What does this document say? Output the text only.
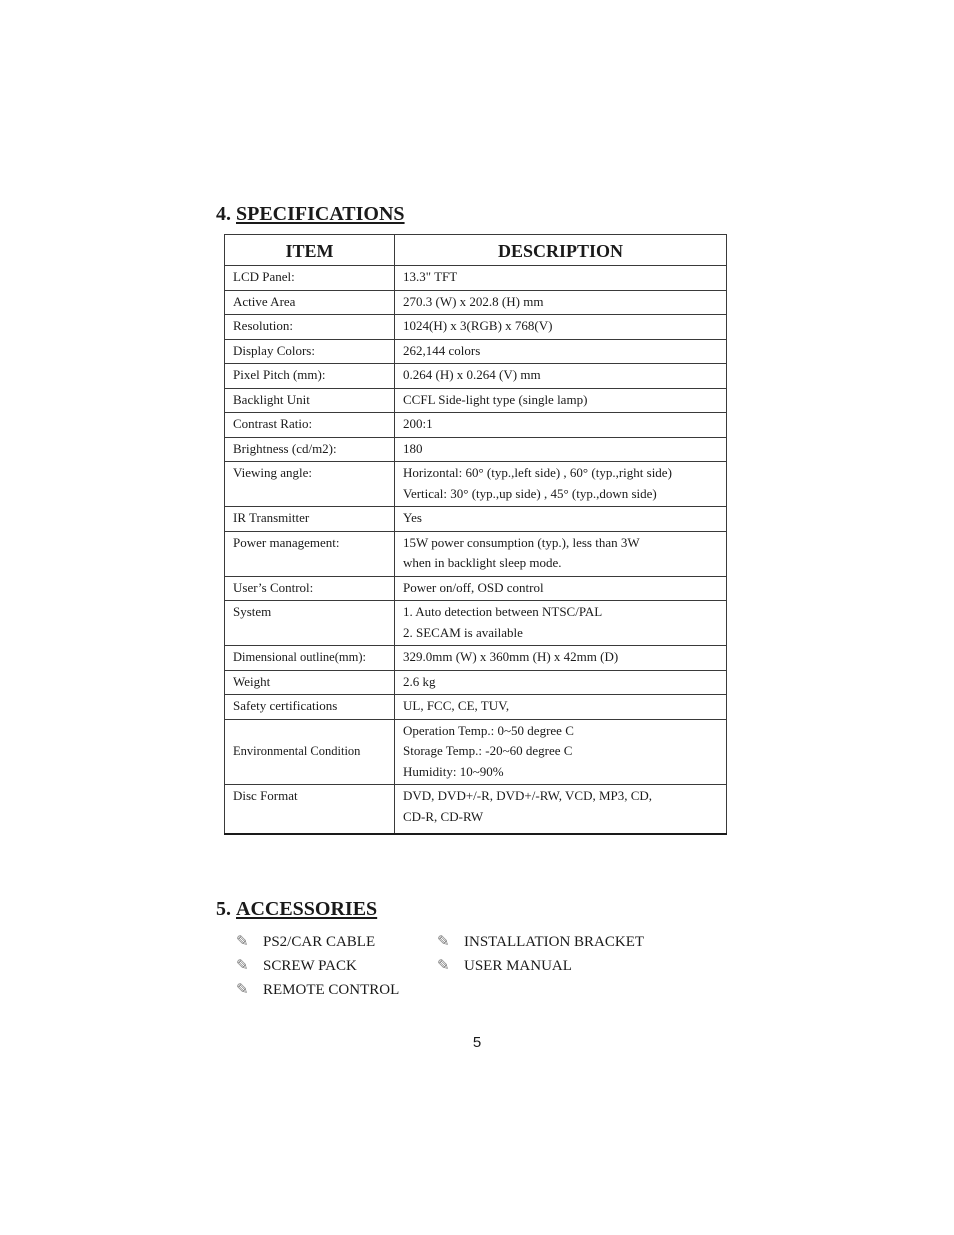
4. SPECIFICATIONS
ITEM	DESCRIPTION
LCD Panel:	13.3" TFT

Active Area	270.3 (W) x 202.8 (H) mm

Resolution:	1024(H) x 3(RGB) x 768(V)

Display Colors:	262,144 colors

Pixel Pitch (mm):	0.264 (H) x 0.264 (V) mm

Backlight Unit	CCFL Side-light type (single lamp)

Contrast Ratio:	200:1

Brightness (cd/m2):	180

Viewing angle:	Horizontal: 60° (typ.,left side) , 60° (typ.,right side)
Vertical: 30° (typ.,up side) , 45° (typ.,down side)

IR Transmitter	Yes

Power management:	15W power consumption (typ.), less than 3W
when in backlight sleep mode.

User’s Control:	Power on/off, OSD control

System	1. Auto detection between NTSC/PAL
2. SECAM is available

Dimensional outline(mm):	329.0mm (W) x 360mm (H) x 42mm (D)

Weight	2.6 kg

Safety certifications	UL, FCC, CE, TUV,

Environmental Condition	Operation Temp.: 0~50 degree C
Storage Temp.: -20~60 degree C
Humidity: 10~90%

Disc Format	DVD, DVD+/-R, DVD+/-RW, VCD, MP3, CD,
CD-R, CD-RW
5. ACCESSORIES
✎ PS2/CAR CABLE	✎ INSTALLATION BRACKET
✎ SCREW PACK	✎ USER MANUAL
✎ REMOTE CONTROL
5
